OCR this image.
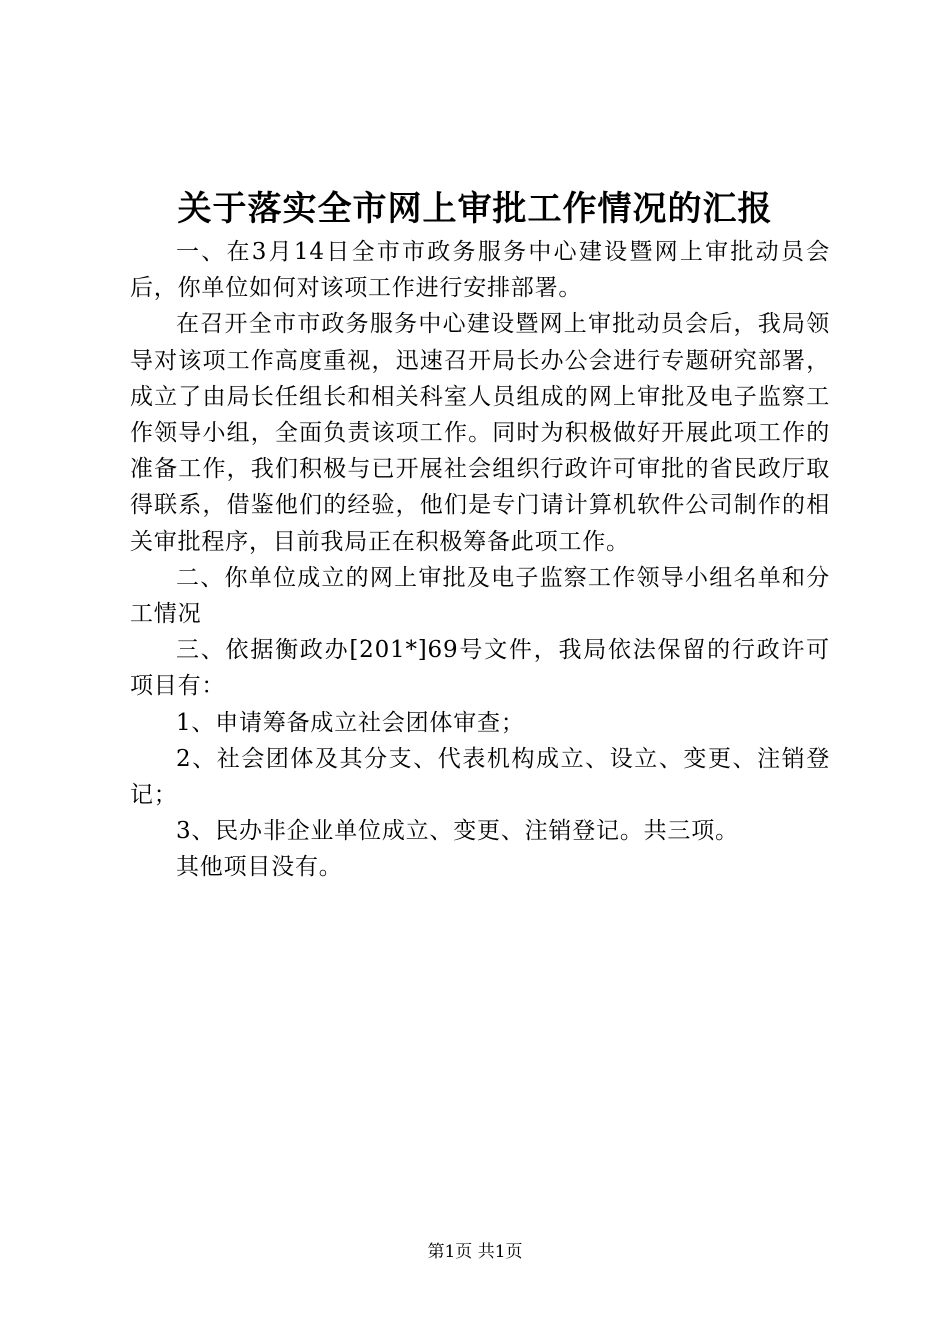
关于落实全市网上审批工作情况的汇报

一、在3月14日全市市政务服务中心建设暨网上审批动员会后，你单位如何对该项工作进行安排部署。

在召开全市市政务服务中心建设暨网上审批动员会后，我局领导对该项工作高度重视，迅速召开局长办公会进行专题研究部署，成立了由局长任组长和相关科室人员组成的网上审批及电子监察工作领导小组，全面负责该项工作。同时为积极做好开展此项工作的准备工作，我们积极与已开展社会组织行政许可审批的省民政厅取得联系，借鉴他们的经验，他们是专门请计算机软件公司制作的相关审批程序，目前我局正在积极筹备此项工作。

二、你单位成立的网上审批及电子监察工作领导小组名单和分工情况

三、依据衡政办[201*]69号文件，我局依法保留的行政许可项目有：

1、申请筹备成立社会团体审查；

2、社会团体及其分支、代表机构成立、设立、变更、注销登记；

3、民办非企业单位成立、变更、注销登记。共三项。

其他项目没有。

第1页 共1页
